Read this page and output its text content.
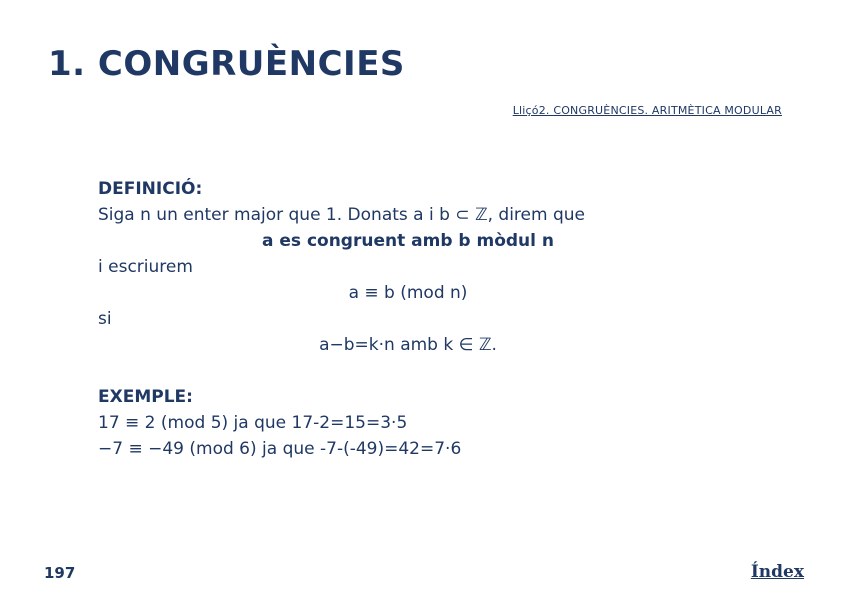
1. CONGRUÈNCIES
Lliçó2. CONGRUÈNCIES. ARITMÈTICA MODULAR
DEFINICIÓ:
Siga n un enter major que 1. Donats a i b ⊂ ℤ, direm que
a es congruent amb b mòdul n
i escriurem
a ≡ b (mod n)
si
a−b=k·n amb k ∈ ℤ.
EXEMPLE:
17 ≡ 2 (mod 5) ja que 17-2=15=3·5
−7 ≡ −49 (mod 6) ja que -7-(-49)=42=7·6
197	Índex
